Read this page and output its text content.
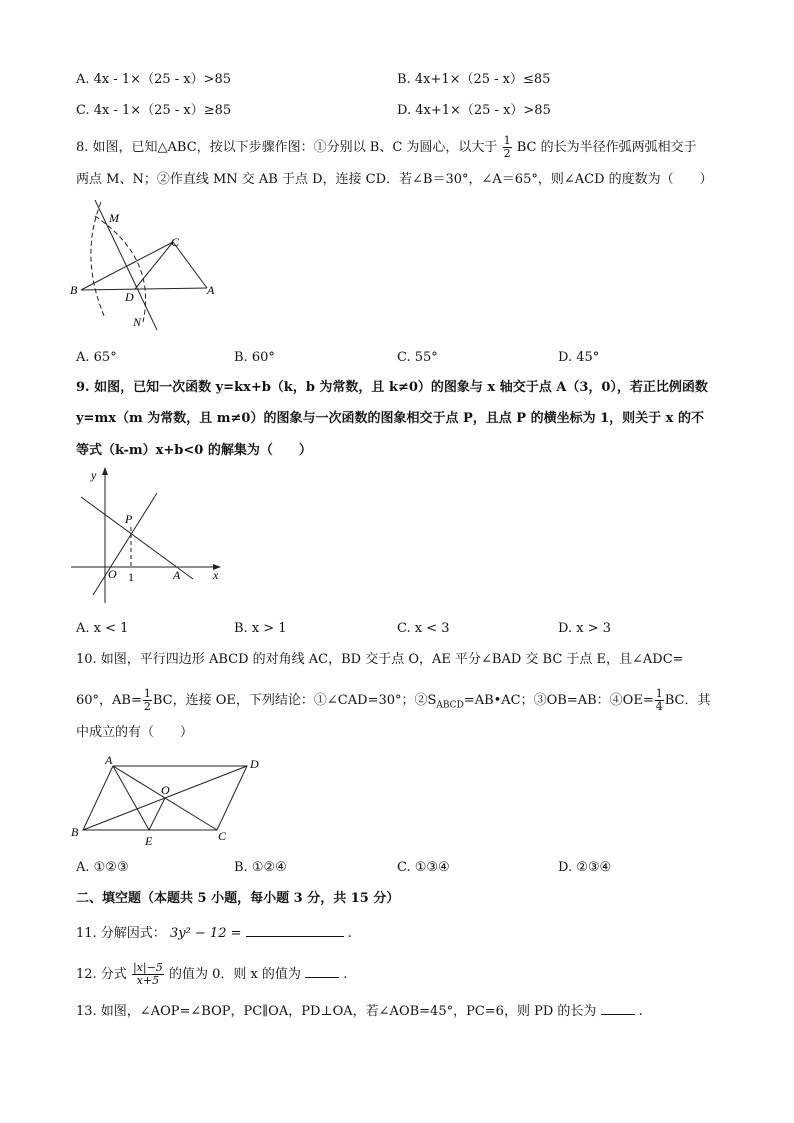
A. 4x - 1×（25 - x）>85	B. 4x+1×（25 - x）≤85
C. 4x - 1×（25 - x）≥85	D. 4x+1×（25 - x）>85
8. 如图，已知△ABC，按以下步骤作图：①分别以 B、C 为圆心，以大于 $\frac{1}{2}$ BC 的长为半径作弧两弧相交于
两点 M、N；②作直线 MN 交 AB 于点 D，连接 CD．若∠B＝30°，∠A＝65°，则∠ACD 的度数为（　　）
M
C
B	D	A
N
A. 65°	B. 60°	C. 55°	D. 45°
9. 如图，已知一次函数 y=kx+b（k，b 为常数，且 k≠0）的图象与 x 轴交于点 A（3，0），若正比例函数
y=mx（m 为常数，且 m≠0）的图象与一次函数的图象相交于点 P，且点 P 的横坐标为 1，则关于 x 的不
等式（k-m）x+b<0 的解集为（　　）
y
x
P
O 1	A
A. x < 1	B. x > 1	C. x < 3	D. x > 3
10. 如图，平行四边形 ABCD 的对角线 AC，BD 交于点 O，AE 平分∠BAD 交 BC 于点 E，且∠ADC=
60°，$AB= \frac{1}{2}$ BC，连接 OE，下列结论：①∠CAD=30°；$②S_{ABCD}=AB•AC$；③OB=AB：④OE= $\frac{1}{4}$ BC．其
中成立的有（　　）
A	D
O
B
E	C
A. ①②③	B. ①②④	C. ①③④	D. ②③④
二、填空题（本题共 5 小题，每小题 3 分，共 15 分）
11. 分解因式： 3y² − 12 =	.
12. 分式 $\frac{|x|-5}{x+5}$ 的值为 0．则 x 的值为	.
13. 如图，∠AOP=∠BOP，PC∥OA，PD⊥OA，若∠AOB=45°，PC=6，则 PD 的长为	.
